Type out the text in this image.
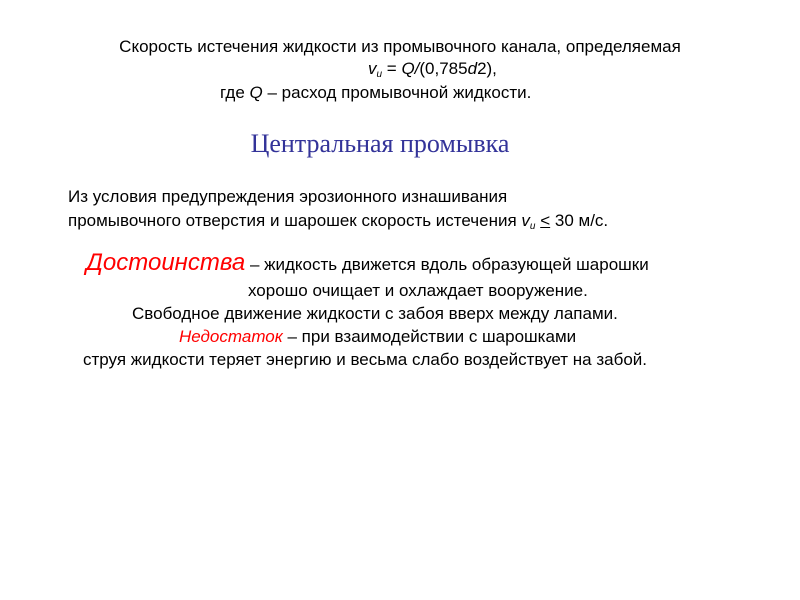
Скорость истечения жидкости из промывочного канала, определяемая
vu = Q/(0,785d2),
где Q – расход промывочной жидкости.
Центральная промывка
Из условия предупреждения эрозионного изнашивания
промывочного отверстия и шарошек скорость истечения vu < 30 м/с.
Достоинства – жидкость движется вдоль образующей шарошки
хорошо очищает и охлаждает вооружение.
Свободное движение жидкости с забоя вверх между лапами.
Недостаток – при взаимодействии с шарошками
струя жидкости теряет энергию и весьма слабо воздействует на забой.
